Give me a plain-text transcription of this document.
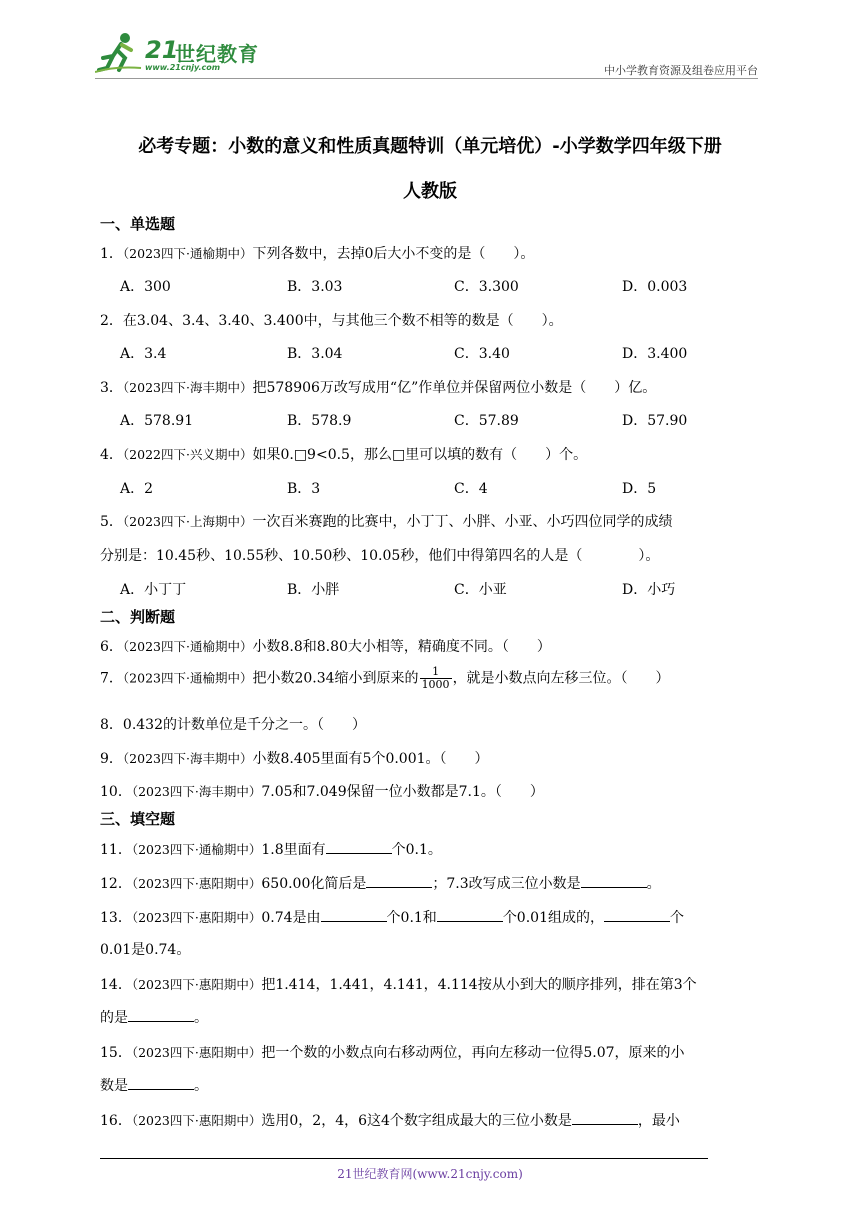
21
世纪教育
www.21cnjy.com	中小学教育资源及组卷应用平台
必考专题：小数的意义和性质真题特训（单元培优）-小学数学四年级下册
人教版
一、单选题
1．（2023四下·通榆期中）下列各数中，去掉0后大小不变的是（　　）。
A．300	B．3.03	C．3.300	D．0.003
2．在3.04、3.4、3.40、3.400中，与其他三个数不相等的数是（　　）。
A．3.4	B．3.04	C．3.40	D．3.400
3．（2023四下·海丰期中）把578906万改写成用“亿”作单位并保留两位小数是（　　）亿。
A．578.91	B．578.9	C．57.89	D．57.90
4．（2022四下·兴义期中）如果0.□9<0.5，那么□里可以填的数有（　　）个。
A．2	B．3	C．4	D．5
5．（2023四下·上海期中）一次百米赛跑的比赛中，小丁丁、小胖、小亚、小巧四位同学的成绩
分别是：10.45秒、10.55秒、10.50秒、10.05秒，他们中得第四名的人是（　　　　）。
A．小丁丁	B．小胖	C．小亚	D．小巧
二、判断题
6．（2023四下·通榆期中）小数8.8和8.80大小相等，精确度不同。（　　）
7．（2023四下·通榆期中）把小数20.34缩小到原来的 $\frac{1}{1000}$ ，就是小数点向左移三位。（　　）
8．0.432的计数单位是千分之一。（　　）
9．（2023四下·海丰期中）小数8.405里面有5个0.001。（　　）
10．（2023四下·海丰期中）7.05和7.049保留一位小数都是7.1。（　　）
三、填空题
11．（2023四下·通榆期中）1.8里面有	个0.1。
12．（2023四下·惠阳期中）650.00化简后是	；7.3改写成三位小数是	。
13．（2023四下·惠阳期中）0.74是由	个0.1和	个0.01组成的，	个
0.01是0.74。
14．（2023四下·惠阳期中）把1.414，1.441，4.141，4.114按从小到大的顺序排列，排在第3个
的是	。
15．（2023四下·惠阳期中）把一个数的小数点向右移动两位，再向左移动一位得5.07，原来的小
数是	。
16．（2023四下·惠阳期中）选用0，2，4，6这4个数字组成最大的三位小数是	，最小
21世纪教育网(www.21cnjy.com)
